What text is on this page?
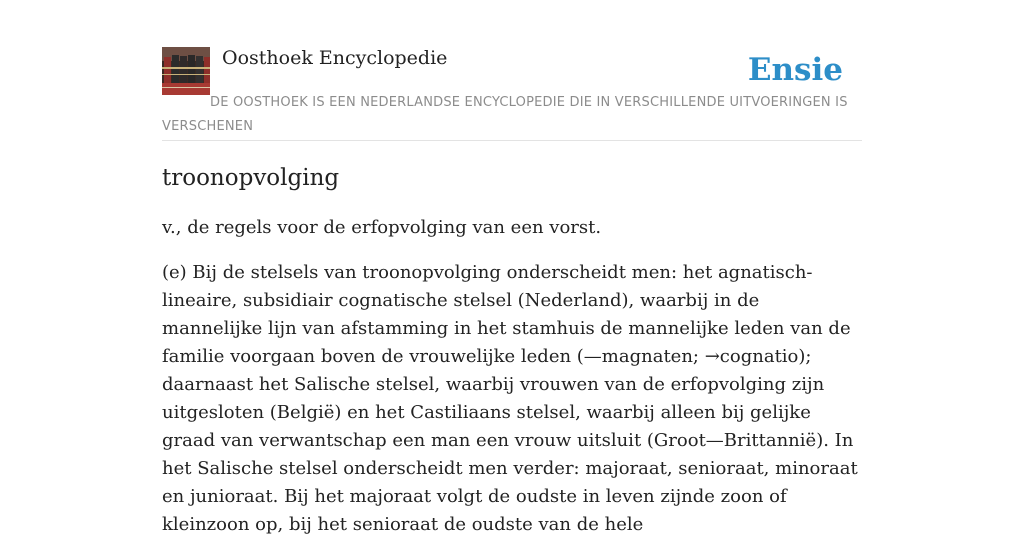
Oosthoek Encyclopedie	Ensie
DE OOSTHOEK IS EEN NEDERLANDSE ENCYCLOPEDIE DIE IN VERSCHILLENDE UITVOERINGEN IS VERSCHENEN
troonopvolging

v., de regels voor de erfopvolging van een vorst.

(e) Bij de stelsels van troonopvolging onderscheidt men: het agnatisch-lineaire, subsidiair cognatische stelsel (Nederland), waarbij in de mannelijke lijn van afstamming in het stamhuis de mannelijke leden van de familie voorgaan boven de vrouwelijke leden (—magnaten; →cognatio); daarnaast het Salische stelsel, waarbij vrouwen van de erfopvolging zijn uitgesloten (België) en het Castiliaans stelsel, waarbij alleen bij gelijke graad van verwantschap een man een vrouw uitsluit (Groot—Brittannië). In het Salische stelsel onderscheidt men verder: majoraat, senioraat, minoraat en junioraat. Bij het majoraat volgt de oudste in leven zijnde zoon of kleinzoon op, bij het senioraat de oudste van de hele
